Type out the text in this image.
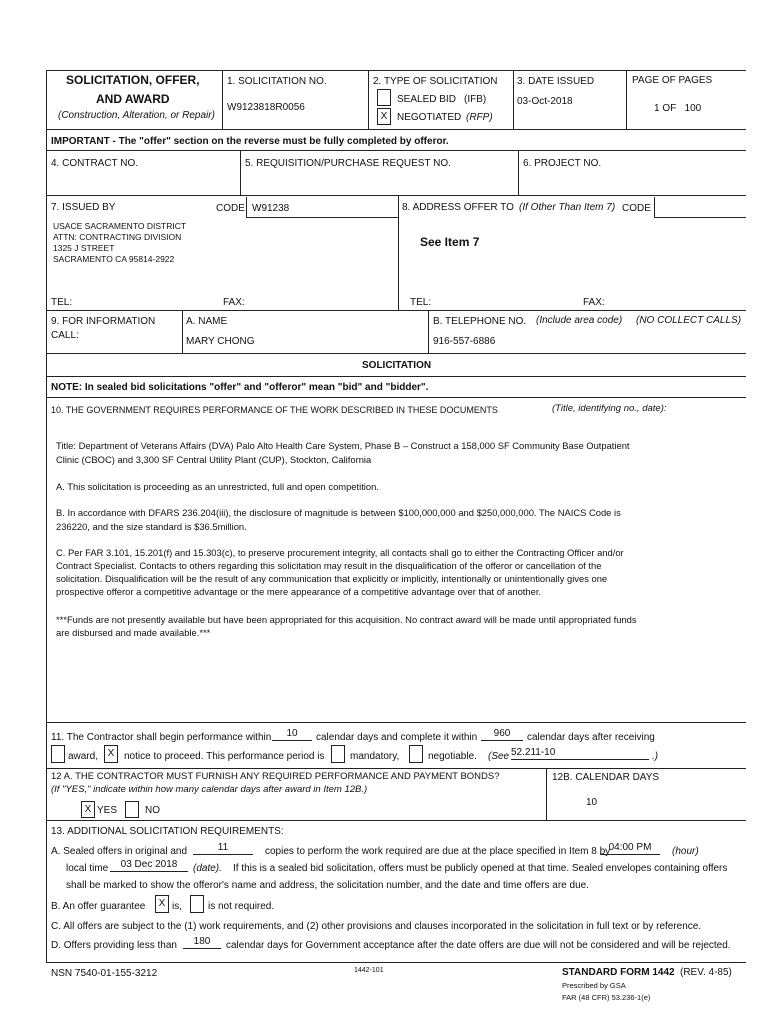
SOLICITATION, OFFER,
AND AWARD
(Construction, Alteration, or Repair)
1. SOLICITATION NO.
W9123818R0056
2. TYPE OF SOLICITATION
SEALED BID (IFB)
X NEGOTIATED (RFP)
3. DATE ISSUED
03-Oct-2018
PAGE OF PAGES
1 OF   100
IMPORTANT - The "offer" section on the reverse must be fully completed by offeror.
4. CONTRACT NO.	5. REQUISITION/PURCHASE REQUEST NO.	6. PROJECT NO.
7. ISSUED BY	CODE W91238
USACE SACRAMENTO DISTRICT
ATTN: CONTRACTING DIVISION
1325 J STREET
SACRAMENTO CA 95814-2922
8. ADDRESS OFFER TO (If Other Than Item 7) CODE
See Item 7
TEL:	FAX:	TEL:	FAX:
9. FOR INFORMATION
CALL:
A. NAME
MARY CHONG
B. TELEPHONE NO. (Include area code) (NO COLLECT CALLS)
916-557-6886
SOLICITATION
NOTE: In sealed bid solicitations "offer" and "offeror" mean "bid" and "bidder".
10. THE GOVERNMENT REQUIRES PERFORMANCE OF THE WORK DESCRIBED IN THESE DOCUMENTS	(Title, identifying no., date):
Title: Department of Veterans Affairs (DVA) Palo Alto Health Care System, Phase B – Construct a 158,000 SF Community Base Outpatient
Clinic (CBOC) and 3,300 SF Central Utility Plant (CUP), Stockton, California
A. This solicitation is proceeding as an unrestricted, full and open competition.
B. In accordance with DFARS 236.204(iii), the disclosure of magnitude is between $100,000,000 and $250,000,000. The NAICS Code is
236220, and the size standard is $36.5million.
C. Per FAR 3.101, 15.201(f) and 15.303(c), to preserve procurement integrity, all contacts shall go to either the Contracting Officer and/or
Contract Specialist. Contacts to others regarding this solicitation may result in the disqualification of the offeror or cancellation of the
solicitation. Disqualification will be the result of any communication that explicitly or implicitly, intentionally or unintentionally gives one
prospective offeror a competitive advantage or the mere appearance of a competitive advantage over that of another.
***Funds are not presently available but have been appropriated for this acquisition. No contract award will be made until appropriated funds
are disbursed and made available.***
11. The Contractor shall begin performance within	10	calendar days and complete it within	960	calendar days after receiving
award, X notice to proceed. This performance period is	mandatory,	negotiable. (See 52.211-10	.)
12 A. THE CONTRACTOR MUST FURNISH ANY REQUIRED PERFORMANCE AND PAYMENT BONDS?
(If "YES," indicate within how many calendar days after award in Item 12B.)
X YES	NO
12B. CALENDAR DAYS
10
13. ADDITIONAL SOLICITATION REQUIREMENTS:
A. Sealed offers in original and	11	copies to perform the work required are due at the place specified in Item 8 by
04:00 PM	(hour)
local time	03 Dec 2018	(date). If this is a sealed bid solicitation, offers must be publicly opened at that time. Sealed envelopes containing offers
shall be marked to show the offeror's name and address, the solicitation number, and the date and time offers are due.
B. An offer guarantee	X is,	is not required.
C. All offers are subject to the (1) work requirements, and (2) other provisions and clauses incorporated in the solicitation in full text or by reference.
D. Offers providing less than	180	calendar days for Government acceptance after the date offers are due will not be considered and will be rejected.
NSN 7540-01-155-3212	1442-101	STANDARD FORM 1442 (REV. 4-85)
Prescribed by GSA
FAR (48 CFR) 53.236-1(e)
